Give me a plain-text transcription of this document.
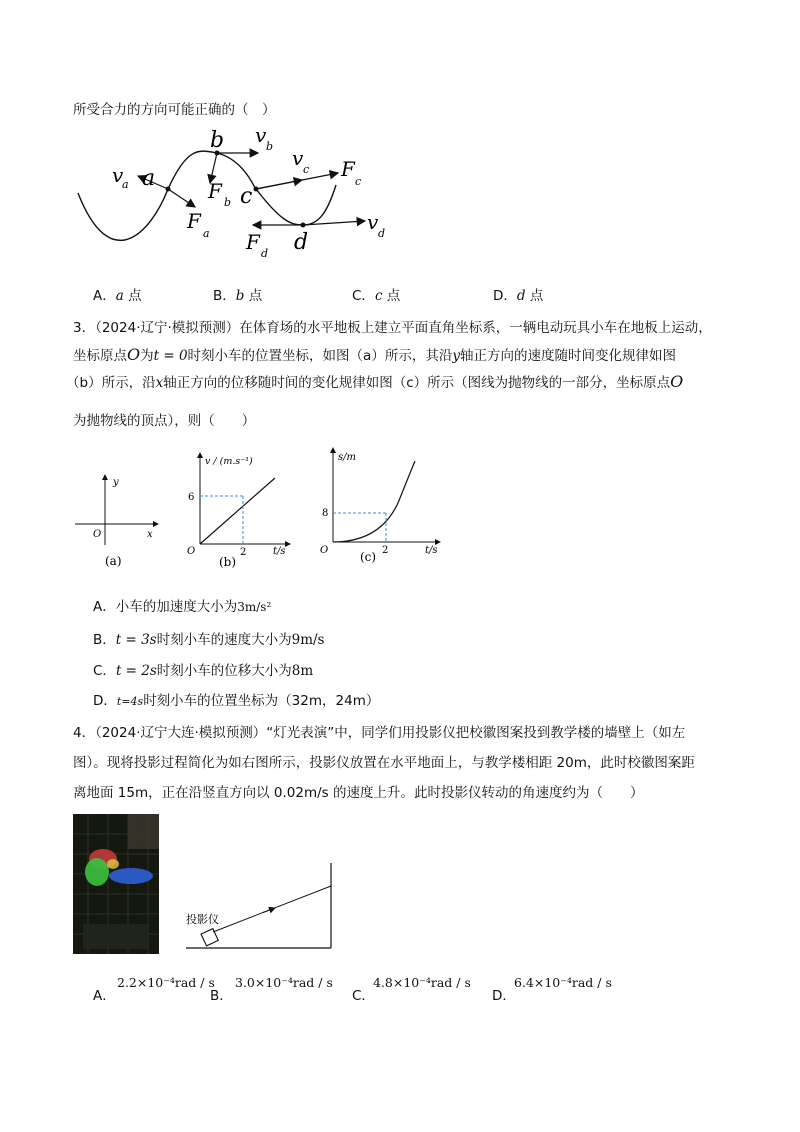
所受合力的方向可能正确的（　）
v
a a
F
a
b v b
F b c
v c F
c
F d d
v d
A．a 点	B．b 点	C．c 点	D．d 点
3．（2024·辽宁·模拟预测）在体育场的水平地板上建立平面直角坐标系，一辆电动玩具小车在地板上运动，
坐标原点O为t = 0时刻小车的位置坐标，如图（a）所示，其沿y轴正方向的速度随时间变化规律如图
（b）所示，沿x轴正方向的位移随时间的变化规律如图（c）所示（图线为抛物线的一部分，坐标原点O
为抛物线的顶点），则（　　）
y
x
O
(a)
v / (m.s⁻¹)
6
2	t/s
O
(b)
s/m
8
2	t/s
O	(c)
A．小车的加速度大小为3m/s²
B．t = 3s时刻小车的速度大小为9m/s
C．t = 2s时刻小车的位移大小为8m
D．t=4s时刻小车的位置坐标为（32m，24m）
4．（2024·辽宁大连·模拟预测）“灯光表演”中，同学们用投影仪把校徽图案投到教学楼的墙壁上（如左
图）。现将投影过程简化为如右图所示，投影仪放置在水平地面上，与教学楼相距 20m，此时校徽图案距
离地面 15m，正在沿竖直方向以 0.02m/s 的速度上升。此时投影仪转动的角速度约为（　　）
投影仪
A．
2.2×10⁻⁴rad / s
B．
3.0×10⁻⁴rad / s
C．
4.8×10⁻⁴rad / s
D．
6.4×10⁻⁴rad / s
